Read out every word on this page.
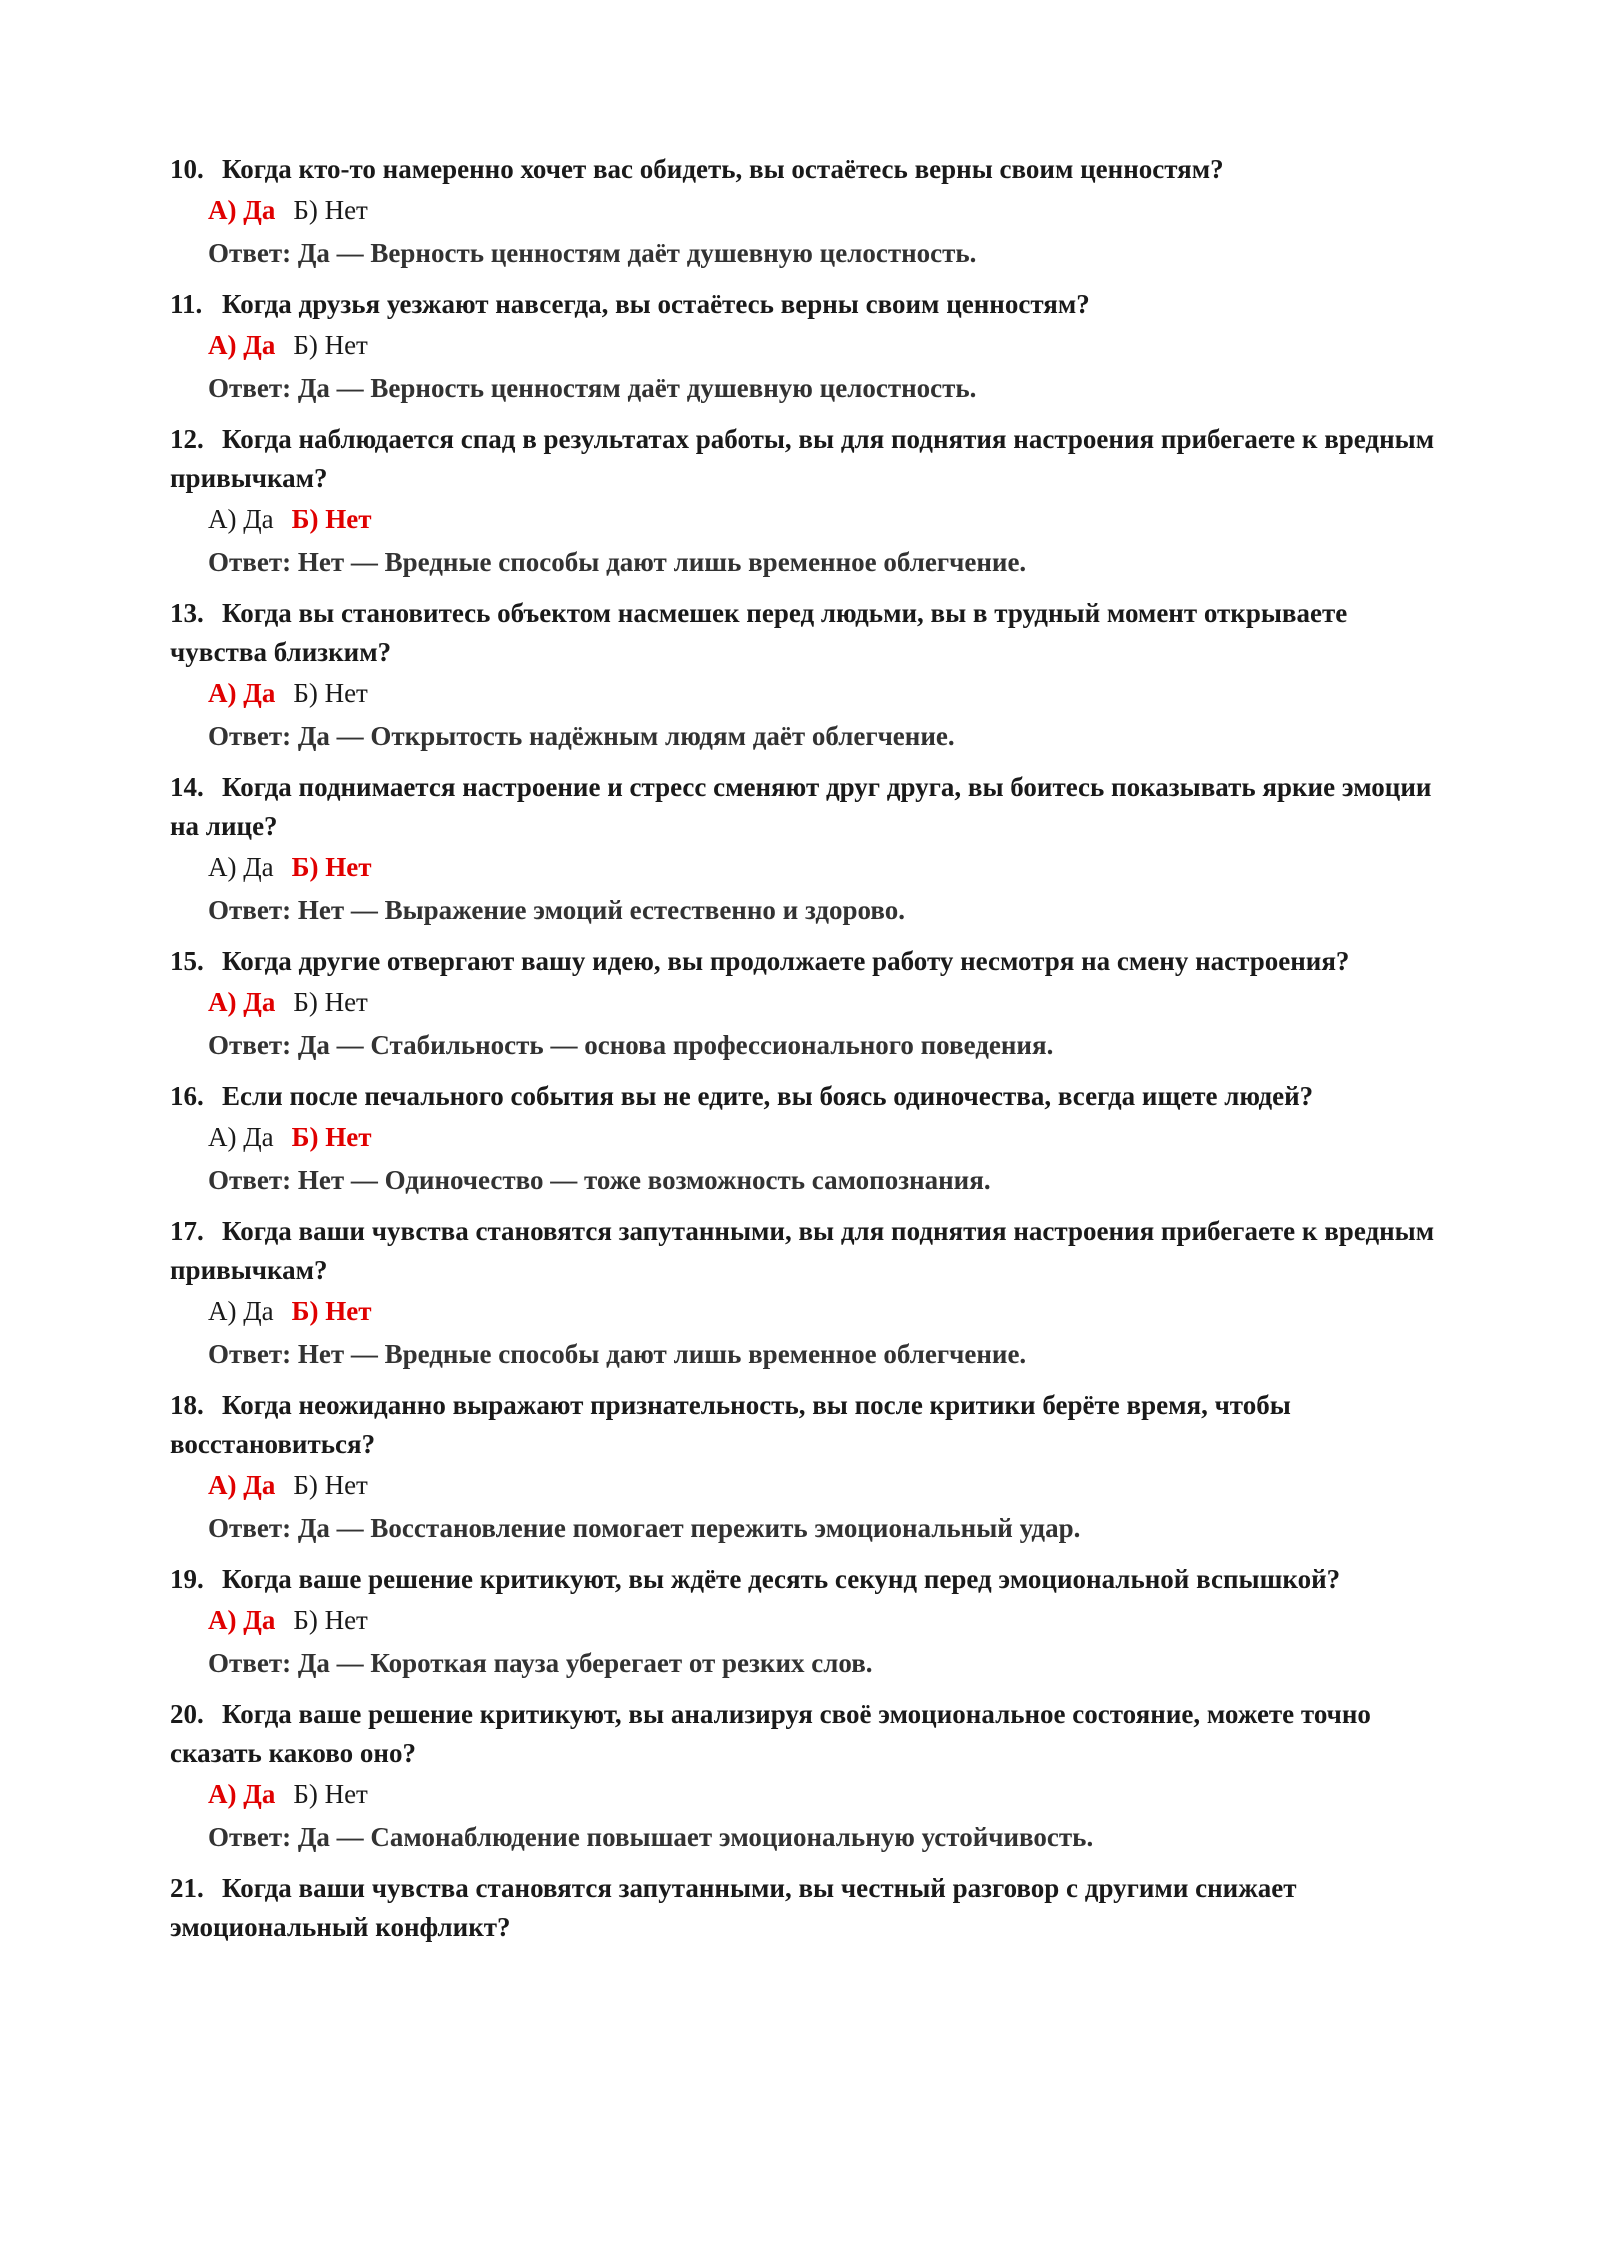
10. Когда кто-то намеренно хочет вас обидеть, вы остаётесь верны своим ценностям?
А) Да Б) Нет
Ответ: Да — Верность ценностям даёт душевную целостность.
11. Когда друзья уезжают навсегда, вы остаётесь верны своим ценностям?
А) Да Б) Нет
Ответ: Да — Верность ценностям даёт душевную целостность.
12. Когда наблюдается спад в результатах работы, вы для поднятия настроения прибегаете к вредным привычкам?
А) Да Б) Нет
Ответ: Нет — Вредные способы дают лишь временное облегчение.
13. Когда вы становитесь объектом насмешек перед людьми, вы в трудный момент открываете чувства близким?
А) Да Б) Нет
Ответ: Да — Открытость надёжным людям даёт облегчение.
14. Когда поднимается настроение и стресс сменяют друг друга, вы боитесь показывать яркие эмоции на лице?
А) Да Б) Нет
Ответ: Нет — Выражение эмоций естественно и здорово.
15. Когда другие отвергают вашу идею, вы продолжаете работу несмотря на смену настроения?
А) Да Б) Нет
Ответ: Да — Стабильность — основа профессионального поведения.
16. Если после печального события вы не едите, вы боясь одиночества, всегда ищете людей?
А) Да Б) Нет
Ответ: Нет — Одиночество — тоже возможность самопознания.
17. Когда ваши чувства становятся запутанными, вы для поднятия настроения прибегаете к вредным привычкам?
А) Да Б) Нет
Ответ: Нет — Вредные способы дают лишь временное облегчение.
18. Когда неожиданно выражают признательность, вы после критики берёте время, чтобы восстановиться?
А) Да Б) Нет
Ответ: Да — Восстановление помогает пережить эмоциональный удар.
19. Когда ваше решение критикуют, вы ждёте десять секунд перед эмоциональной вспышкой?
А) Да Б) Нет
Ответ: Да — Короткая пауза уберегает от резких слов.
20. Когда ваше решение критикуют, вы анализируя своё эмоциональное состояние, можете точно сказать каково оно?
А) Да Б) Нет
Ответ: Да — Самонаблюдение повышает эмоциональную устойчивость.
21. Когда ваши чувства становятся запутанными, вы честный разговор с другими снижает эмоциональный конфликт?
